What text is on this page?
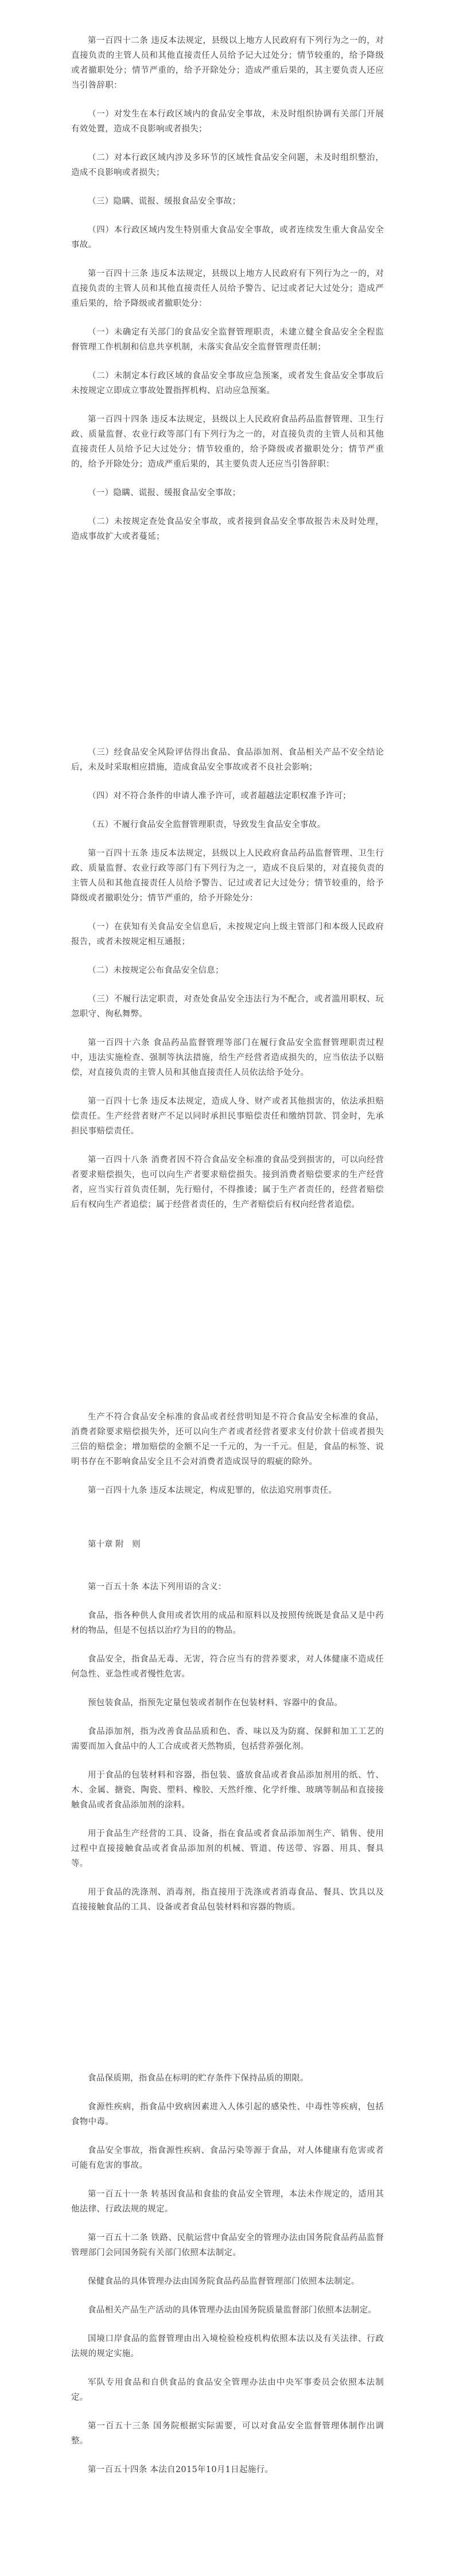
第一百四十二条 违反本法规定，县级以上地方人民政府有下列行为之一的，对直接负责的主管人员和其他直接责任人员给予记大过处分；情节较重的，给予降级或者撤职处分；情节严重的，给予开除处分；造成严重后果的，其主要负责人还应当引咎辞职：

（一）对发生在本行政区域内的食品安全事故，未及时组织协调有关部门开展有效处置，造成不良影响或者损失；

（二）对本行政区域内涉及多环节的区域性食品安全问题，未及时组织整治，造成不良影响或者损失；

（三）隐瞒、谎报、缓报食品安全事故；

（四）本行政区域内发生特别重大食品安全事故，或者连续发生重大食品安全事故。

第一百四十三条 违反本法规定，县级以上地方人民政府有下列行为之一的，对直接负责的主管人员和其他直接责任人员给予警告、记过或者记大过处分；造成严重后果的，给予降级或者撤职处分：

（一）未确定有关部门的食品安全监督管理职责，未建立健全食品安全全程监督管理工作机制和信息共享机制，未落实食品安全监督管理责任制；

（二）未制定本行政区域的食品安全事故应急预案，或者发生食品安全事故后未按规定立即成立事故处置指挥机构、启动应急预案。

第一百四十四条 违反本法规定，县级以上人民政府食品药品监督管理、卫生行政、质量监督、农业行政等部门有下列行为之一的，对直接负责的主管人员和其他直接责任人员给予记大过处分；情节较重的，给予降级或者撤职处分；情节严重的，给予开除处分；造成严重后果的，其主要负责人还应当引咎辞职：

（一）隐瞒、谎报、缓报食品安全事故；

（二）未按规定查处食品安全事故，或者接到食品安全事故报告未及时处理，造成事故扩大或者蔓延；

（三）经食品安全风险评估得出食品、食品添加剂、食品相关产品不安全结论后，未及时采取相应措施，造成食品安全事故或者不良社会影响；

（四）对不符合条件的申请人准予许可，或者超越法定职权准予许可；

（五）不履行食品安全监督管理职责，导致发生食品安全事故。

第一百四十五条 违反本法规定，县级以上人民政府食品药品监督管理、卫生行政、质量监督、农业行政等部门有下列行为之一，造成不良后果的，对直接负责的主管人员和其他直接责任人员给予警告、记过或者记大过处分；情节较重的，给予降级或者撤职处分；情节严重的，给予开除处分：

（一）在获知有关食品安全信息后，未按规定向上级主管部门和本级人民政府报告，或者未按规定相互通报；

（二）未按规定公布食品安全信息；

（三）不履行法定职责，对查处食品安全违法行为不配合，或者滥用职权、玩忽职守、徇私舞弊。

第一百四十六条 食品药品监督管理等部门在履行食品安全监督管理职责过程中，违法实施检查、强制等执法措施，给生产经营者造成损失的，应当依法予以赔偿，对直接负责的主管人员和其他直接责任人员依法给予处分。

第一百四十七条 违反本法规定，造成人身、财产或者其他损害的，依法承担赔偿责任。生产经营者财产不足以同时承担民事赔偿责任和缴纳罚款、罚金时，先承担民事赔偿责任。

第一百四十八条 消费者因不符合食品安全标准的食品受到损害的，可以向经营者要求赔偿损失，也可以向生产者要求赔偿损失。接到消费者赔偿要求的生产经营者，应当实行首负责任制，先行赔付，不得推诿；属于生产者责任的，经营者赔偿后有权向生产者追偿；属于经营者责任的，生产者赔偿后有权向经营者追偿。

生产不符合食品安全标准的食品或者经营明知是不符合食品安全标准的食品，消费者除要求赔偿损失外，还可以向生产者或者经营者要求支付价款十倍或者损失三倍的赔偿金；增加赔偿的金额不足一千元的，为一千元。但是，食品的标签、说明书存在不影响食品安全且不会对消费者造成误导的瑕疵的除外。

第一百四十九条 违反本法规定，构成犯罪的，依法追究刑事责任。

第十章 附　则

第一百五十条 本法下列用语的含义：

食品，指各种供人食用或者饮用的成品和原料以及按照传统既是食品又是中药材的物品，但是不包括以治疗为目的的物品。

食品安全，指食品无毒、无害，符合应当有的营养要求，对人体健康不造成任何急性、亚急性或者慢性危害。

预包装食品，指预先定量包装或者制作在包装材料、容器中的食品。

食品添加剂，指为改善食品品质和色、香、味以及为防腐、保鲜和加工工艺的需要而加入食品中的人工合成或者天然物质，包括营养强化剂。

用于食品的包装材料和容器，指包装、盛放食品或者食品添加剂用的纸、竹、木、金属、搪瓷、陶瓷、塑料、橡胶、天然纤维、化学纤维、玻璃等制品和直接接触食品或者食品添加剂的涂料。

用于食品生产经营的工具、设备，指在食品或者食品添加剂生产、销售、使用过程中直接接触食品或者食品添加剂的机械、管道、传送带、容器、用具、餐具等。

用于食品的洗涤剂、消毒剂，指直接用于洗涤或者消毒食品、餐具、饮具以及直接接触食品的工具、设备或者食品包装材料和容器的物质。

食品保质期，指食品在标明的贮存条件下保持品质的期限。

食源性疾病，指食品中致病因素进入人体引起的感染性、中毒性等疾病，包括食物中毒。

食品安全事故，指食源性疾病、食品污染等源于食品，对人体健康有危害或者可能有危害的事故。

第一百五十一条 转基因食品和食盐的食品安全管理，本法未作规定的，适用其他法律、行政法规的规定。

第一百五十二条 铁路、民航运营中食品安全的管理办法由国务院食品药品监督管理部门会同国务院有关部门依照本法制定。

保健食品的具体管理办法由国务院食品药品监督管理部门依照本法制定。

食品相关产品生产活动的具体管理办法由国务院质量监督部门依照本法制定。

国境口岸食品的监督管理由出入境检验检疫机构依照本法以及有关法律、行政法规的规定实施。

军队专用食品和自供食品的食品安全管理办法由中央军事委员会依照本法制定。

第一百五十三条 国务院根据实际需要，可以对食品安全监督管理体制作出调整。

第一百五十四条 本法自2015年10月1日起施行。
